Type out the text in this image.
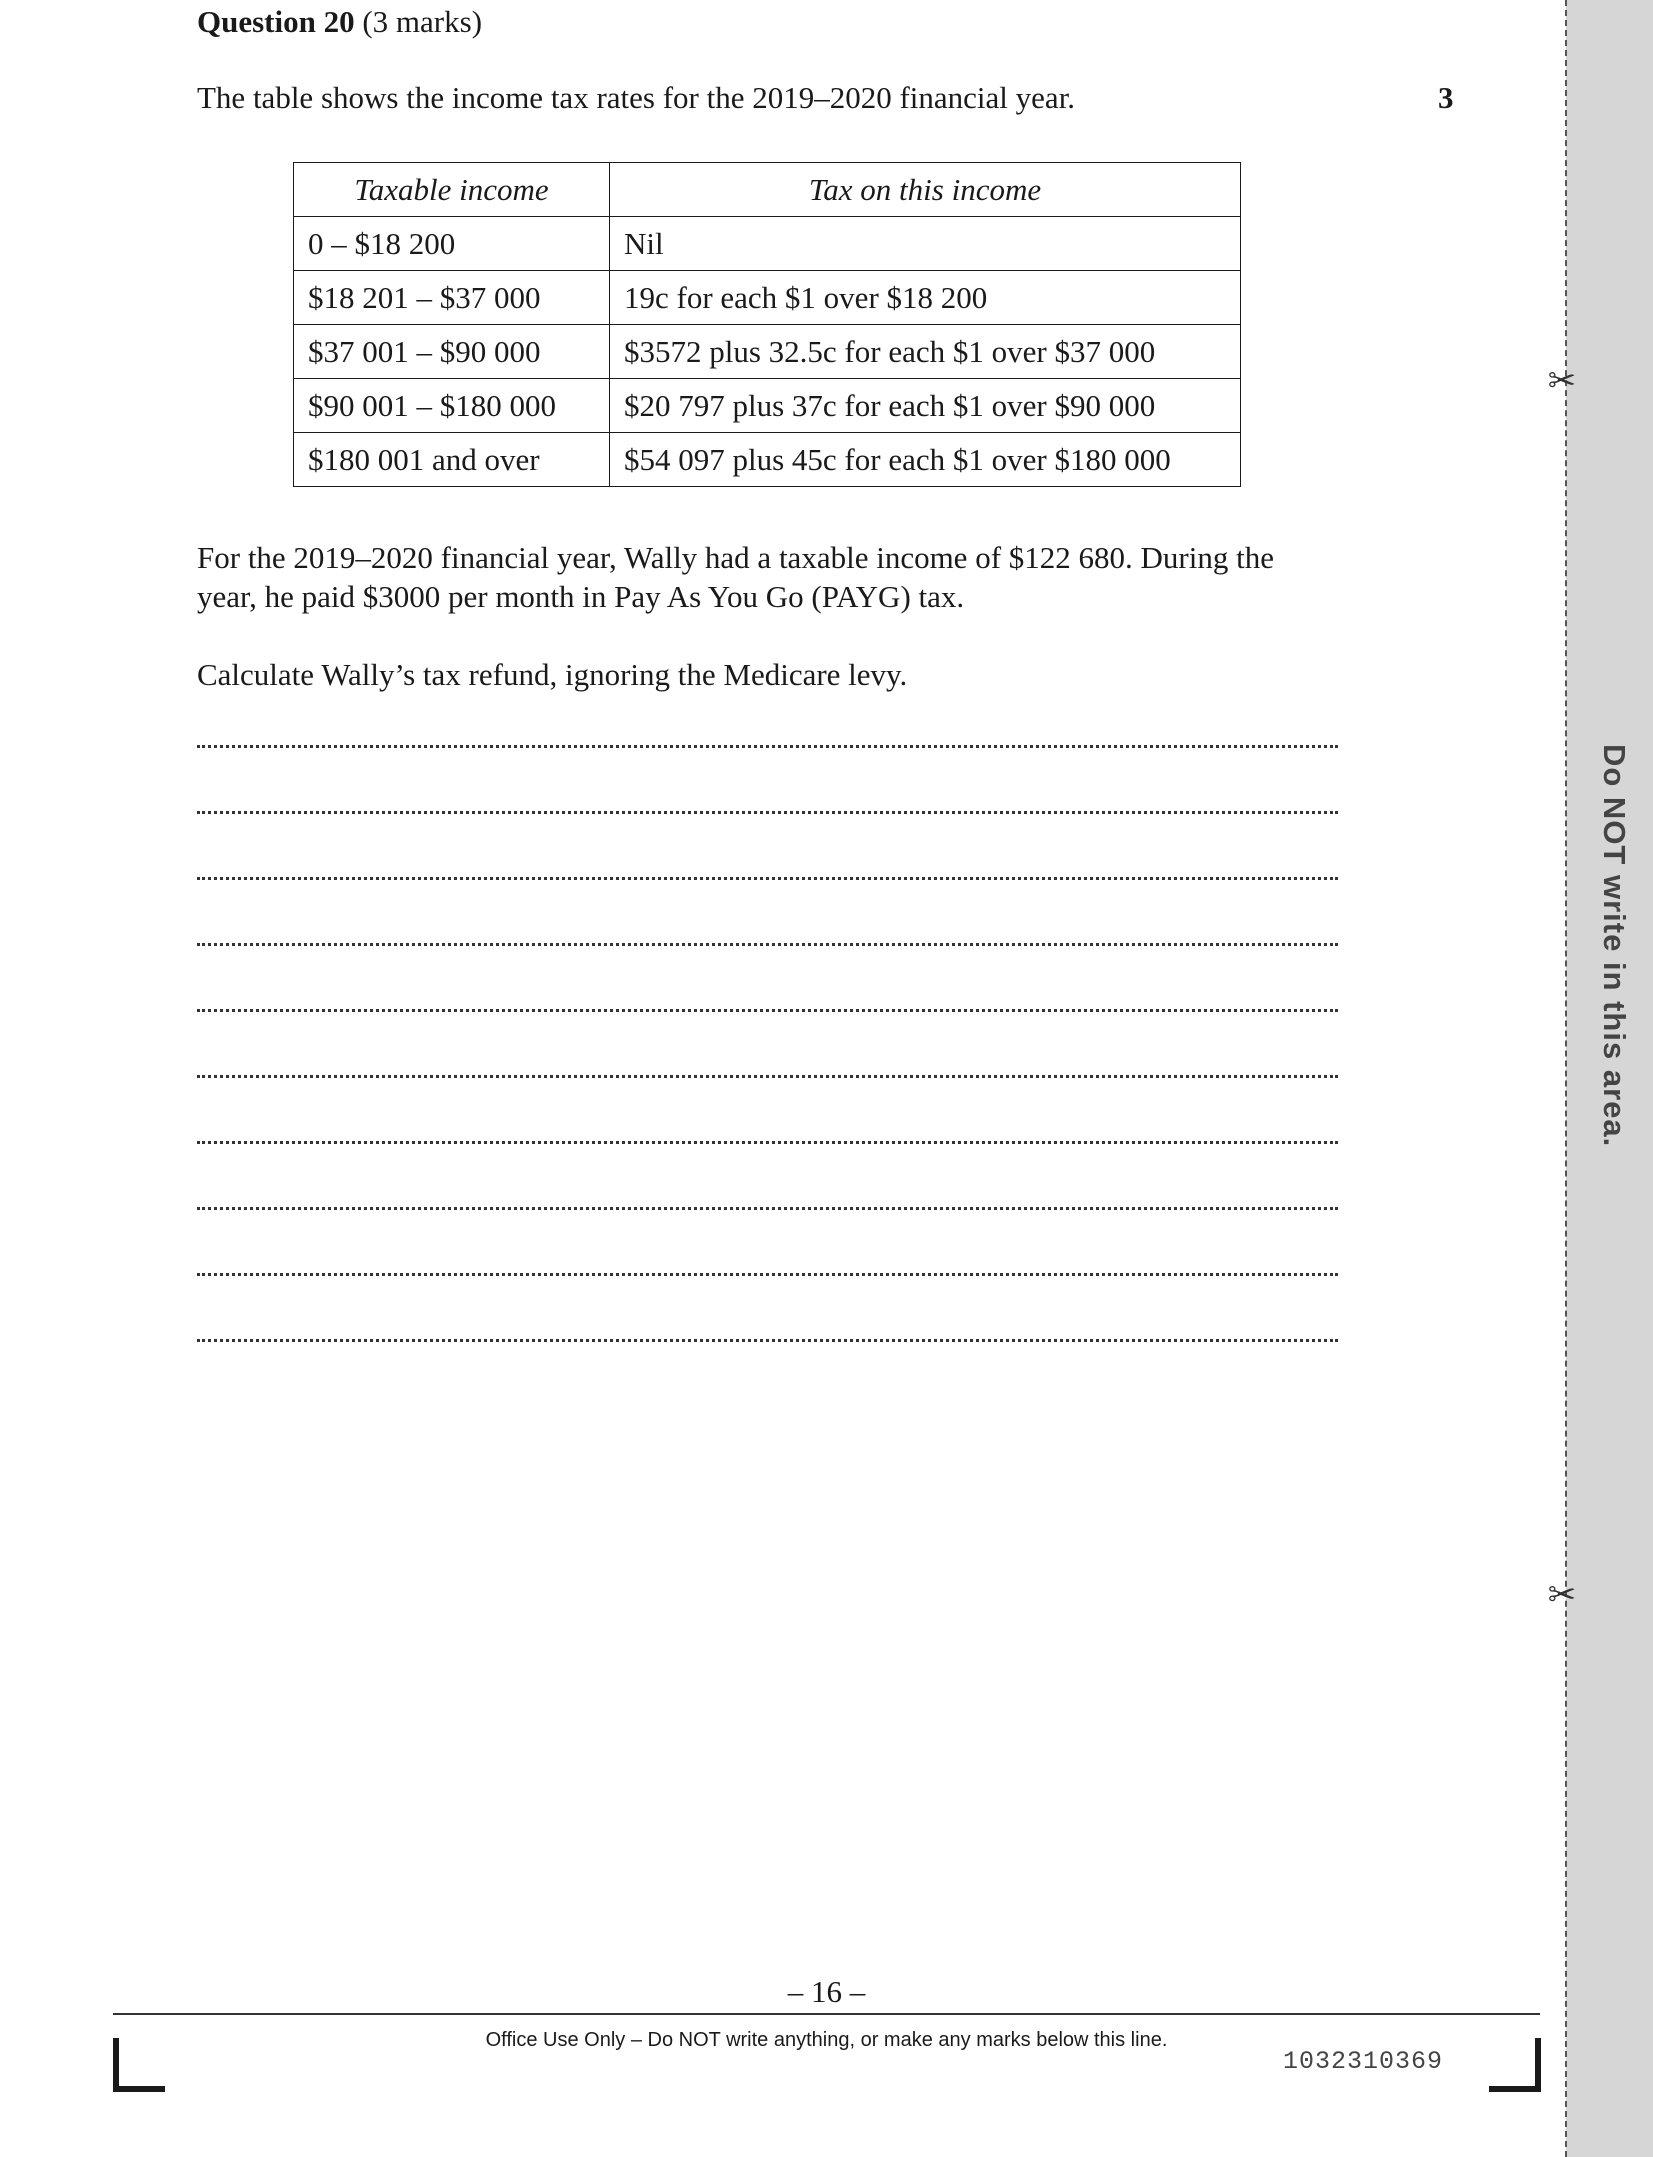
Question 20 (3 marks)
The table shows the income tax rates for the 2019–2020 financial year.	3
Taxable income	Tax on this income
0 – $18 200	Nil
$18 201 – $37 000	19c for each $1 over $18 200
$37 001 – $90 000	$3572 plus 32.5c for each $1 over $37 000
$90 001 – $180 000	$20 797 plus 37c for each $1 over $90 000
$180 001 and over	$54 097 plus 45c for each $1 over $180 000
For the 2019–2020 financial year, Wally had a taxable income of $122 680. During the year, he paid $3000 per month in Pay As You Go (PAYG) tax.
Calculate Wally’s tax refund, ignoring the Medicare levy.
– 16 –
Office Use Only – Do NOT write anything, or make any marks below this line.
1032310369
✂
✂
Do NOT write in this area.
